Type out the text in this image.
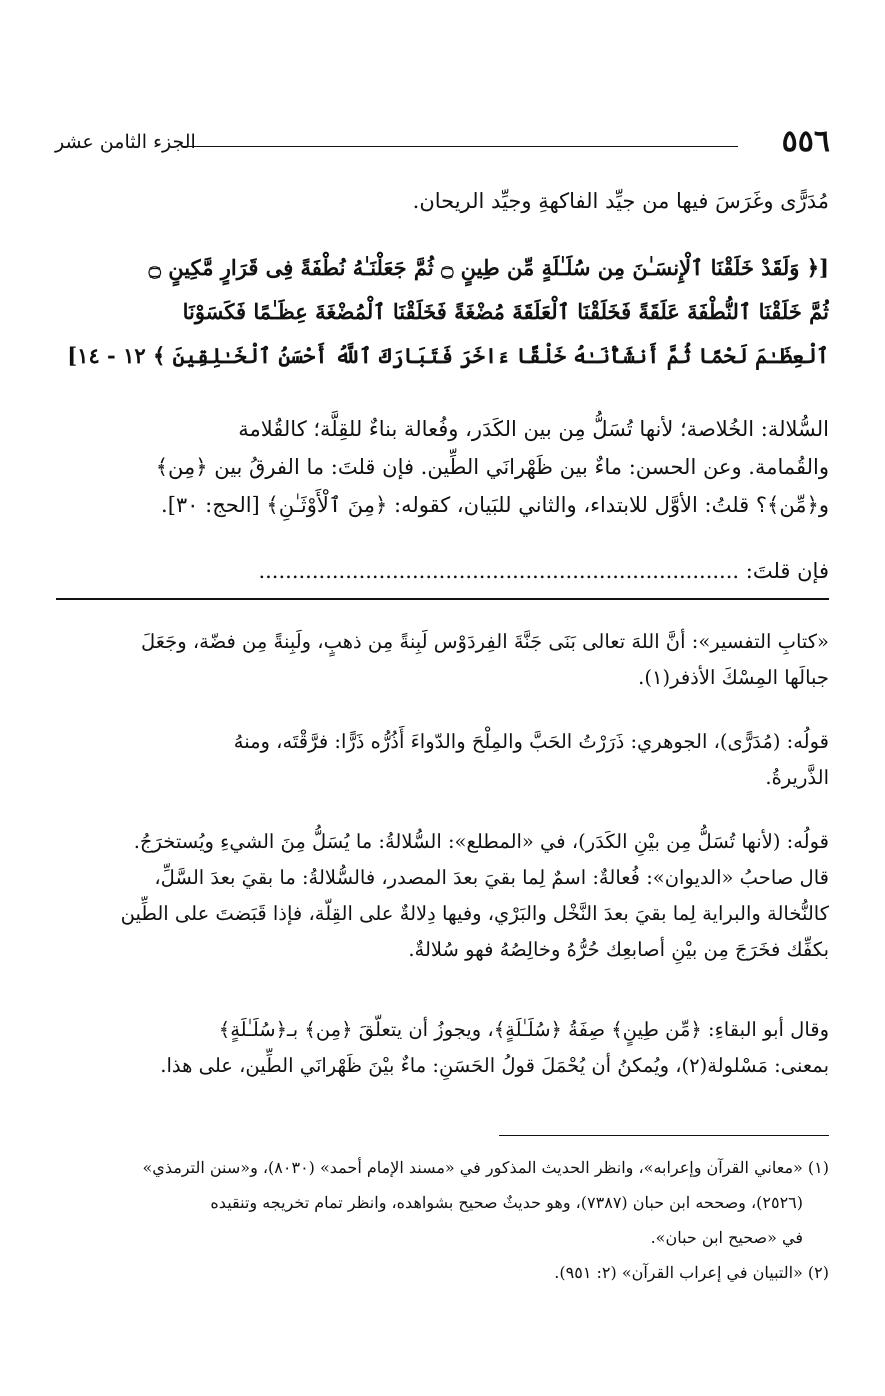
٥٥٦
الجزء الثامن عشر
مُدَرًّى وغَرَسَ فيها من جيِّد الفاكهةِ وجيِّد الريحان.
[﴿ وَلَقَدْ خَلَقْنَا ٱلْإِنسَـٰنَ مِن سُلَـٰلَةٍ مِّن طِينٍ ۝ ثُمَّ جَعَلْنَـٰهُ نُطْفَةً فِى قَرَارٍ مَّكِينٍ ۝
ثُمَّ خَلَقْنَا ٱلنُّطْفَةَ عَلَقَةً فَخَلَقْنَا ٱلْعَلَقَةَ مُضْغَةً فَخَلَقْنَا ٱلْمُضْغَةَ عِظَـٰمًا فَكَسَوْنَا
ٱلْعِظَـٰمَ لَحْمًا ثُمَّ أَنشَأْنَـٰهُ خَلْقًا ءَاخَرَ فَتَبَارَكَ ٱللَّهُ أَحْسَنُ ٱلْخَـٰلِقِينَ ﴾ ١٢ - ١٤]
السُّلالة: الخُلاصة؛ لأنها تُسَلُّ مِن بين الكَدَر، وفُعالة بناءٌ للقِلَّة؛ كالقُلامة
والقُمامة. وعن الحسن: ماءٌ بين ظَهْرانَي الطِّين. فإن قلتَ: ما الفرقُ بين ﴿مِن﴾
و﴿مِّن﴾؟ قلتُ: الأوَّل للابتداء، والثاني للبَيان، كقوله: ﴿مِنَ ٱلْأَوْثَـٰنِ﴾ [الحج: ٣٠].
فإن قلتَ: ........................................................................
«كتابِ التفسير»: أنَّ اللهَ تعالى بَنَى جَنَّةَ الفِردَوْس لَبِنةً مِن ذهبٍ، ولَبِنةً مِن فضّة، وجَعَلَ
جبالَها المِسْكَ الأذفر(١).
قولُه: (مُدَرًّى)، الجوهري: ذَرَرْتُ الحَبَّ والمِلْحَ والدّواءَ أَذُرُّه ذَرًّا: فرَّقْتَه، ومنهُ
الذَّريرةُ.
قولُه: (لأنها تُسَلُّ مِن بيْنِ الكَدَر)، في «المطلع»: السُّلالةُ: ما يُسَلُّ مِنَ الشيءِ ويُستخرَجُ.
قال صاحبُ «الديوان»: فُعالةٌ: اسمٌ لِما بقيَ بعدَ المصدر، فالسُّلالةُ: ما بقيَ بعدَ السَّلِّ،
كالنُّخالة والبراية لِما بقيَ بعدَ النَّخْل والبَرْي، وفيها دِلالةٌ على القِلّة، فإذا قَبَضتَ على الطِّين
بكفِّك فخَرَجَ مِن بيْنِ أصابعِك حُرُّهُ وخالِصُهُ فهو سُلالةٌ.
وقال أبو البقاءِ: ﴿مِّن طِينٍ﴾ صِفَةُ ﴿سُلَـٰلَةٍ﴾، ويجوزُ أن يتعلّقَ ﴿مِن﴾ بـ﴿سُلَـٰلَةٍ﴾
بمعنى: مَسْلولة(٢)، ويُمكنُ أن يُحْمَلَ قولُ الحَسَنِ: ماءٌ بيْنَ ظَهْرانَي الطِّين، على هذا.
(١) «معاني القرآن وإعرابه»، وانظر الحديث المذكور في «مسند الإمام أحمد» (٨٠٣٠)، و«سنن الترمذي»
(٢٥٢٦)، وصححه ابن حبان (٧٣٨٧)، وهو حديثٌ صحيح بشواهده، وانظر تمام تخريجه وتنقيده
في «صحيح ابن حبان».
(٢) «التبيان في إعراب القرآن» (٢: ٩٥١).
